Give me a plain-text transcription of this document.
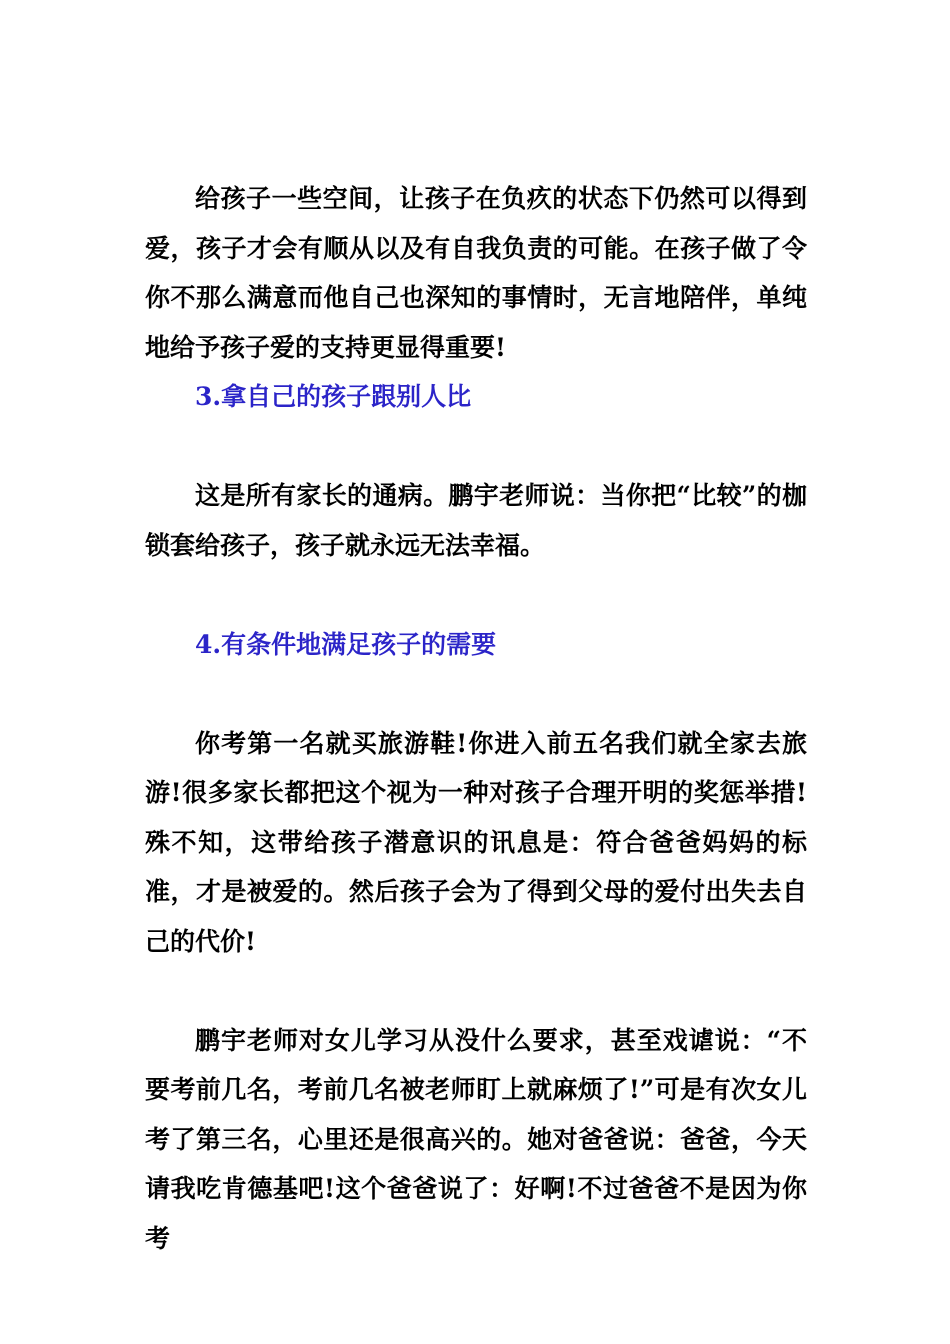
给孩子一些空间，让孩子在负疚的状态下仍然可以得到爱，孩子才会有顺从以及有自我负责的可能。在孩子做了令你不那么满意而他自己也深知的事情时，无言地陪伴，单纯地给予孩子爱的支持更显得重要!

3.拿自己的孩子跟别人比

这是所有家长的通病。鹏宇老师说：当你把“比较”的枷锁套给孩子，孩子就永远无法幸福。

4.有条件地满足孩子的需要

你考第一名就买旅游鞋!你进入前五名我们就全家去旅游!很多家长都把这个视为一种对孩子合理开明的奖惩举措!殊不知，这带给孩子潜意识的讯息是：符合爸爸妈妈的标准，才是被爱的。然后孩子会为了得到父母的爱付出失去自己的代价!

鹏宇老师对女儿学习从没什么要求，甚至戏谑说：“不要考前几名，考前几名被老师盯上就麻烦了!”可是有次女儿考了第三名，心里还是很高兴的。她对爸爸说：爸爸，今天请我吃肯德基吧!这个爸爸说了：好啊!不过爸爸不是因为你考
